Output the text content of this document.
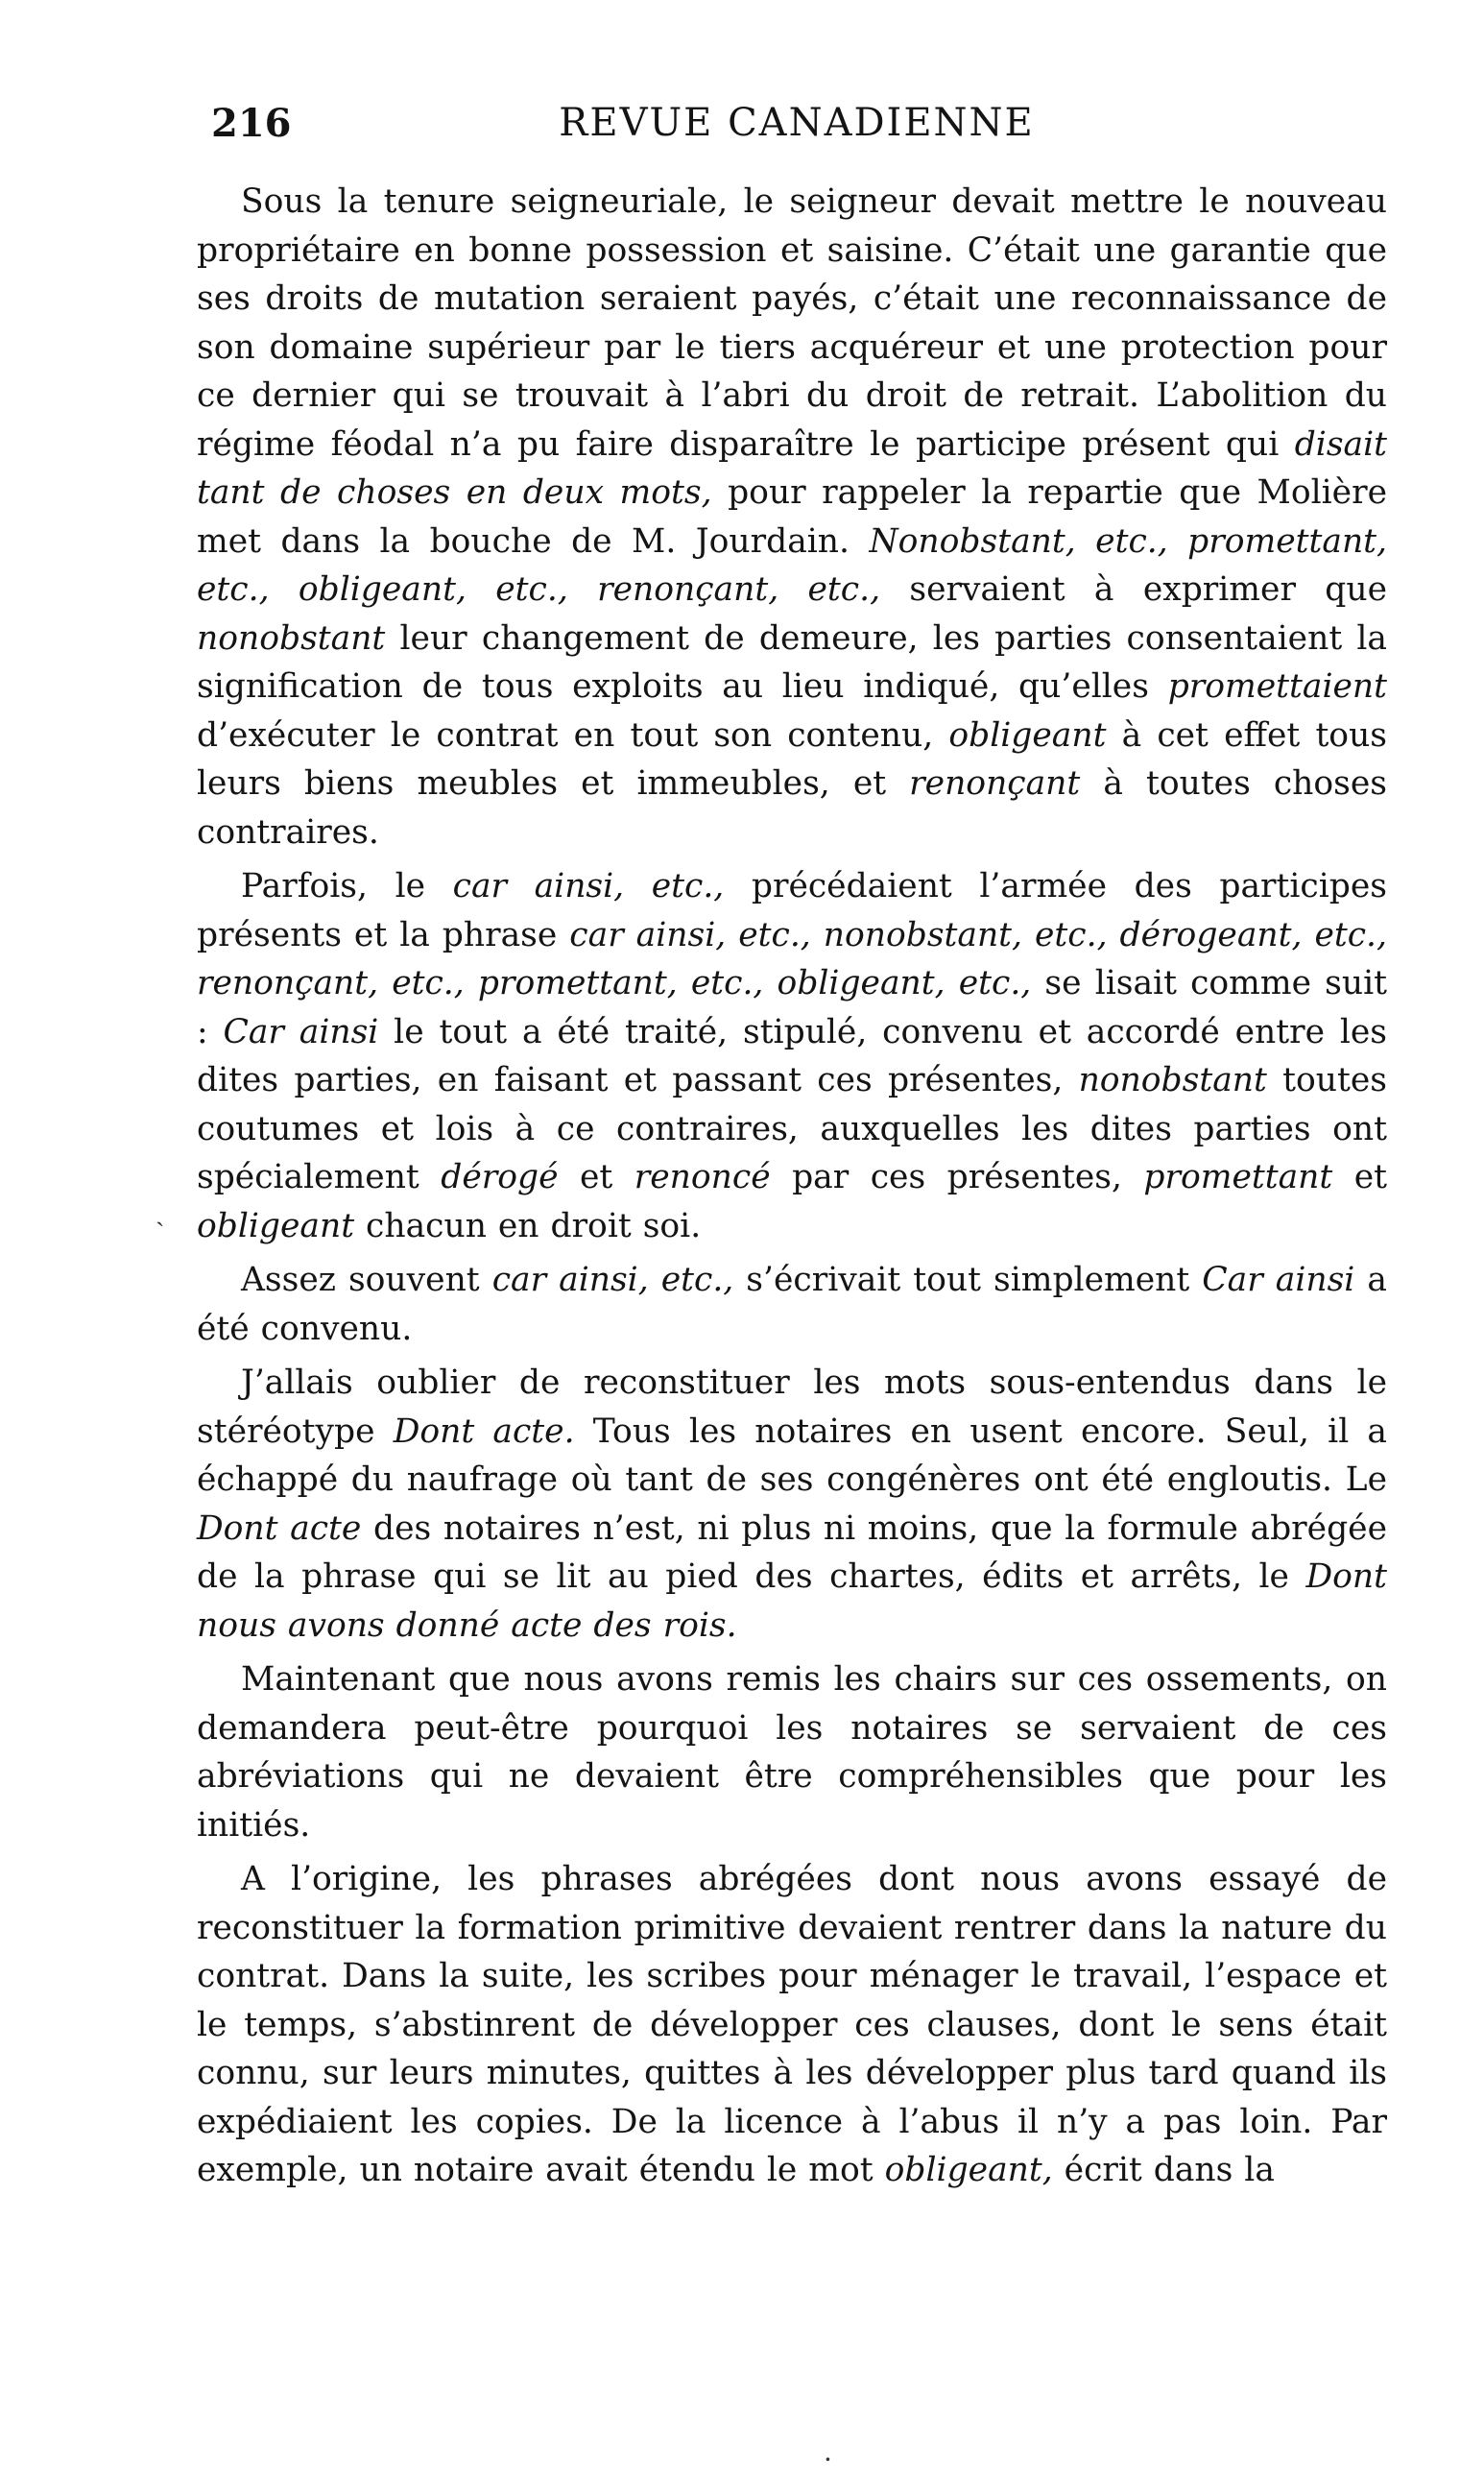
216	REVUE CANADIENNE

Sous la tenure seigneuriale, le seigneur devait mettre le nouveau propriétaire en bonne possession et saisine. C’était une garantie que ses droits de mutation seraient payés, c’était une reconnaissance de son domaine supérieur par le tiers acquéreur et une protection pour ce dernier qui se trouvait à l’abri du droit de retrait. L’abolition du régime féodal n’a pu faire disparaître le participe présent qui disait tant de choses en deux mots, pour rappeler la repartie que Molière met dans la bouche de M. Jourdain. Nonobstant, etc., promettant, etc., obligeant, etc., renonçant, etc., servaient à exprimer que nonobstant leur changement de demeure, les parties consentaient la signification de tous exploits au lieu indiqué, qu’elles promettaient d’exécuter le contrat en tout son contenu, obligeant à cet effet tous leurs biens meubles et immeubles, et renonçant à toutes choses contraires.

Parfois, le car ainsi, etc., précédaient l’armée des participes présents et la phrase car ainsi, etc., nonobstant, etc., dérogeant, etc., renonçant, etc., promettant, etc., obligeant, etc., se lisait comme suit : Car ainsi le tout a été traité, stipulé, convenu et accordé entre les dites parties, en faisant et passant ces présentes, nonobstant toutes coutumes et lois à ce contraires, auxquelles les dites parties ont spécialement dérogé et renoncé par ces présentes, promettant et obligeant chacun en droit soi.

Assez souvent car ainsi, etc., s’écrivait tout simplement Car ainsi a été convenu.

J’allais oublier de reconstituer les mots sous-entendus dans le stéréotype Dont acte. Tous les notaires en usent encore. Seul, il a échappé du naufrage où tant de ses congénères ont été engloutis. Le Dont acte des notaires n’est, ni plus ni moins, que la formule abrégée de la phrase qui se lit au pied des chartes, édits et arrêts, le Dont nous avons donné acte des rois.

Maintenant que nous avons remis les chairs sur ces ossements, on demandera peut-être pourquoi les notaires se servaient de ces abréviations qui ne devaient être compréhensibles que pour les initiés.

A l’origine, les phrases abrégées dont nous avons essayé de reconstituer la formation primitive devaient rentrer dans la nature du contrat. Dans la suite, les scribes pour ménager le travail, l’espace et le temps, s’abstinrent de développer ces clauses, dont le sens était connu, sur leurs minutes, quittes à les développer plus tard quand ils expédiaient les copies. De la licence à l’abus il n’y a pas loin. Par exemple, un notaire avait étendu le mot obligeant, écrit dans la

ˎ
·
